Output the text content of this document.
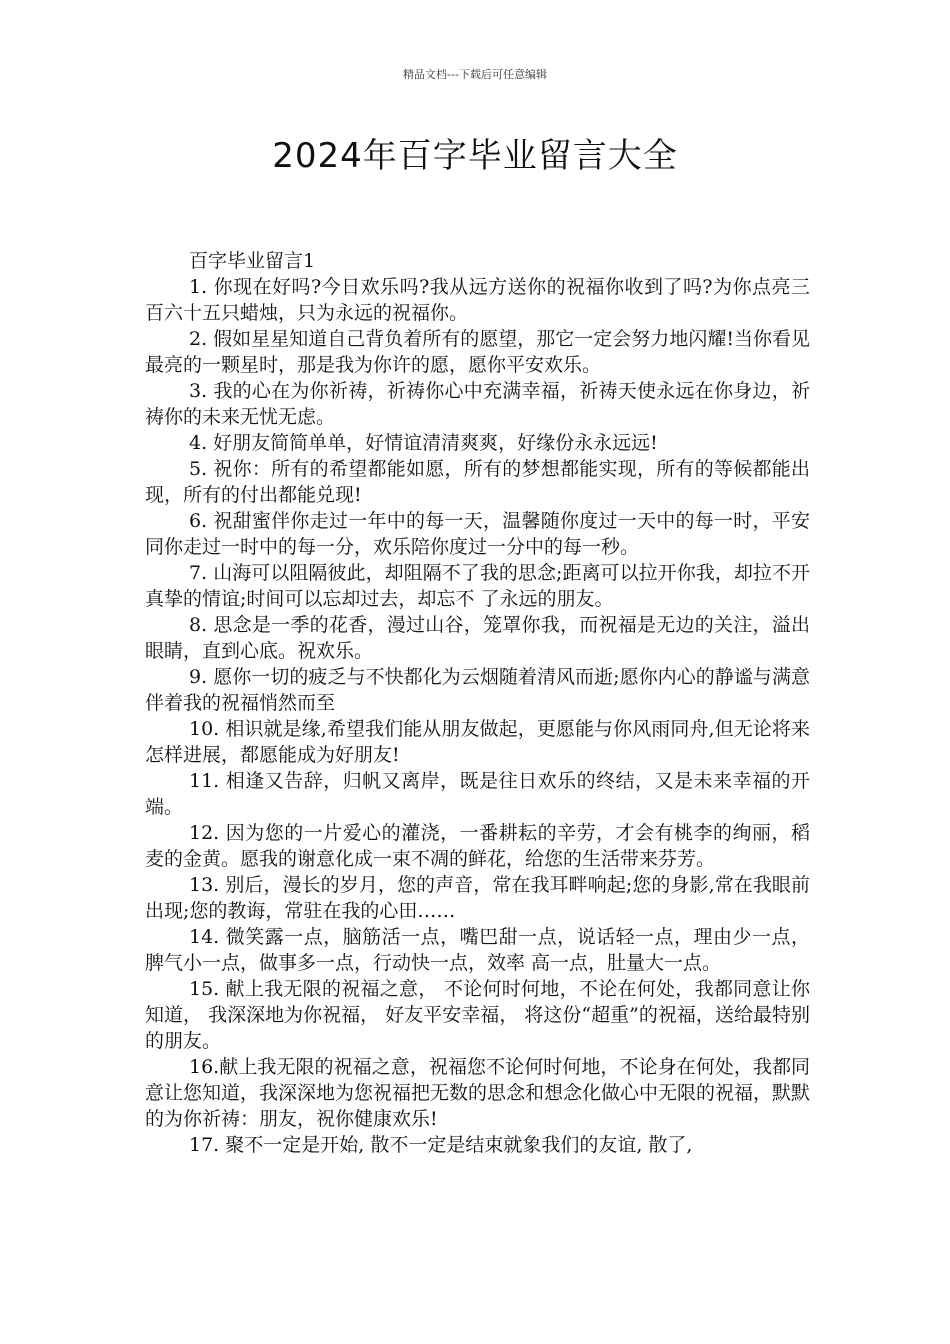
精品文档---下载后可任意编辑
2024年百字毕业留言大全

百字毕业留言1

1. 你现在好吗?今日欢乐吗?我从远方送你的祝福你收到了吗?为你点亮三百六十五只蜡烛，只为永远的祝福你。

2. 假如星星知道自己背负着所有的愿望，那它一定会努力地闪耀!当你看见最亮的一颗星时，那是我为你许的愿，愿你平安欢乐。

3. 我的心在为你祈祷，祈祷你心中充满幸福，祈祷天使永远在你身边，祈祷你的未来无忧无虑。

4. 好朋友简简单单，好情谊清清爽爽，好缘份永永远远!

5. 祝你：所有的希望都能如愿，所有的梦想都能实现，所有的等候都能出现，所有的付出都能兑现!

6. 祝甜蜜伴你走过一年中的每一天，温馨随你度过一天中的每一时，平安同你走过一时中的每一分，欢乐陪你度过一分中的每一秒。

7. 山海可以阻隔彼此，却阻隔不了我的思念;距离可以拉开你我，却拉不开真挚的情谊;时间可以忘却过去，却忘不 了永远的朋友。

8. 思念是一季的花香，漫过山谷，笼罩你我，而祝福是无边的关注，溢出眼睛，直到心底。祝欢乐。

9. 愿你一切的疲乏与不快都化为云烟随着清风而逝;愿你内心的静谧与满意伴着我的祝福悄然而至

10. 相识就是缘,希望我们能从朋友做起，更愿能与你风雨同舟,但无论将来怎样进展，都愿能成为好朋友!

11. 相逢又告辞，归帆又离岸，既是往日欢乐的终结，又是未来幸福的开端。

12. 因为您的一片爱心的灌浇，一番耕耘的辛劳，才会有桃李的绚丽，稻麦的金黄。愿我的谢意化成一束不凋的鲜花，给您的生活带来芬芳。

13. 别后，漫长的岁月，您的声音，常在我耳畔响起;您的身影,常在我眼前出现;您的教诲，常驻在我的心田……

14. 微笑露一点，脑筋活一点，嘴巴甜一点，说话轻一点，理由少一点，脾气小一点，做事多一点，行动快一点，效率 高一点，肚量大一点。

15. 献上我无限的祝福之意， 不论何时何地，不论在何处，我都同意让你知道， 我深深地为你祝福， 好友平安幸福， 将这份“超重”的祝福，送给最特别的朋友。

16.献上我无限的祝福之意，祝福您不论何时何地，不论身在何处，我都同意让您知道，我深深地为您祝福把无数的思念和想念化做心中无限的祝福，默默的为你祈祷：朋友，祝你健康欢乐!

17. 聚不一定是开始, 散不一定是结束就象我们的友谊, 散了,
